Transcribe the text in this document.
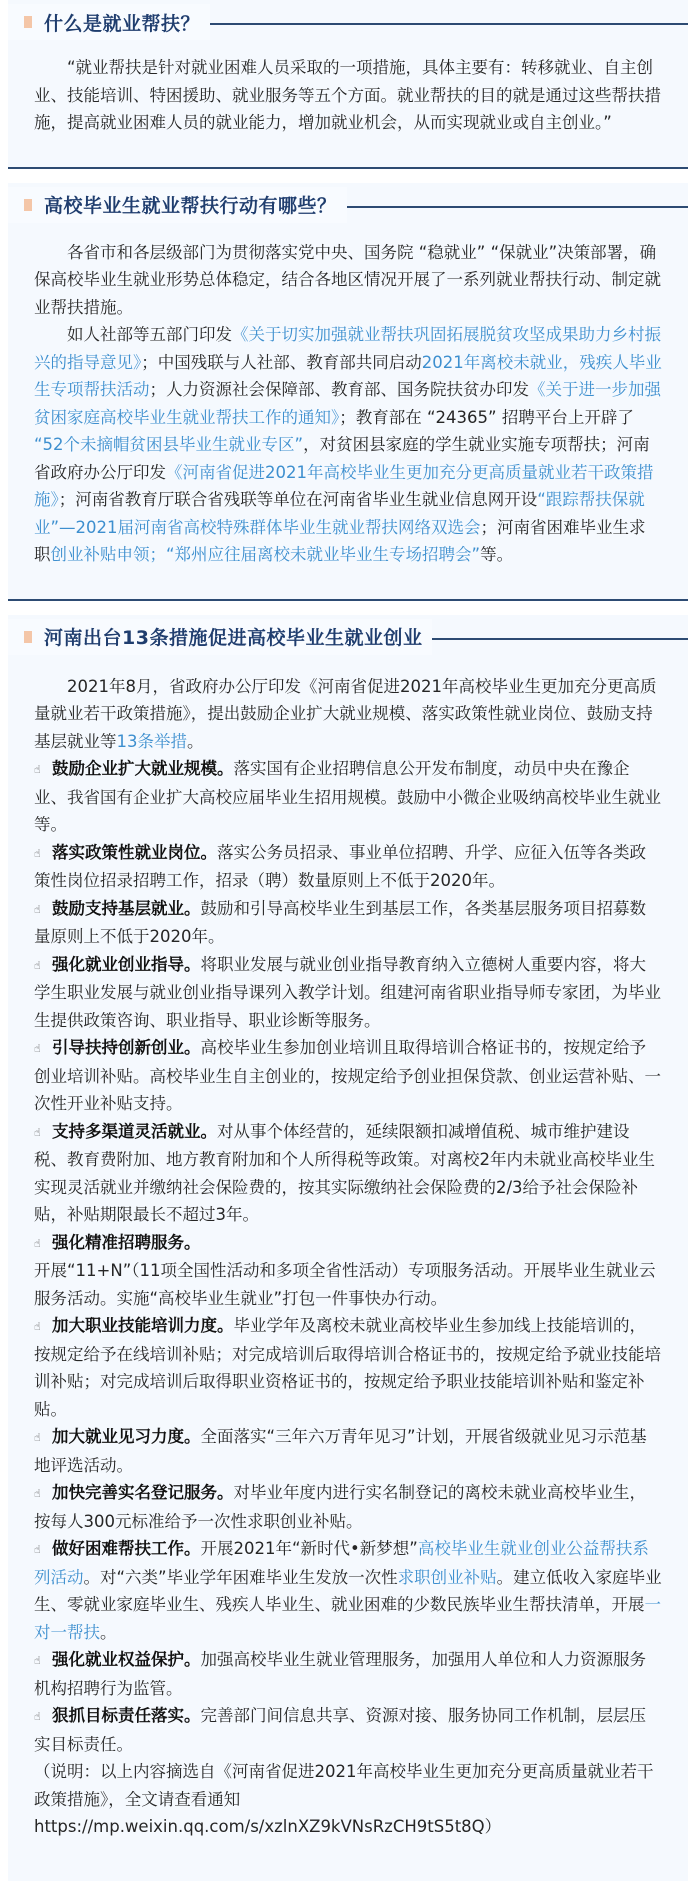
什么是就业帮扶？

“就业帮扶是针对就业困难人员采取的一项措施，具体主要有：转移就业、自主创业、技能培训、特困援助、就业服务等五个方面。就业帮扶的目的就是通过这些帮扶措施，提高就业困难人员的就业能力，增加就业机会，从而实现就业或自主创业。”

高校毕业生就业帮扶行动有哪些？

各省市和各层级部门为贯彻落实党中央、国务院 “稳就业” “保就业”决策部署，确保高校毕业生就业形势总体稳定，结合各地区情况开展了一系列就业帮扶行动、制定就业帮扶措施。

如人社部等五部门印发《关于切实加强就业帮扶巩固拓展脱贫攻坚成果助力乡村振兴的指导意见》；中国残联与人社部、教育部共同启动2021年离校未就业，残疾人毕业生专项帮扶活动；人力资源社会保障部、教育部、国务院扶贫办印发《关于进一步加强贫困家庭高校毕业生就业帮扶工作的通知》；教育部在 “24365” 招聘平台上开辟了 “52个未摘帽贫困县毕业生就业专区”，对贫困县家庭的学生就业实施专项帮扶；河南省政府办公厅印发《河南省促进2021年高校毕业生更加充分更高质量就业若干政策措施》；河南省教育厅联合省残联等单位在河南省毕业生就业信息网开设“跟踪帮扶保就业”—2021届河南省高校特殊群体毕业生就业帮扶网络双选会；河南省困难毕业生求职创业补贴申领；“郑州应往届离校未就业毕业生专场招聘会”等。

河南出台13条措施促进高校毕业生就业创业

2021年8月，省政府办公厅印发《河南省促进2021年高校毕业生更加充分更高质量就业若干政策措施》，提出鼓励企业扩大就业规模、落实政策性就业岗位、鼓励支持基层就业等13条举措。

☝ 鼓励企业扩大就业规模。落实国有企业招聘信息公开发布制度，动员中央在豫企业、我省国有企业扩大高校应届毕业生招用规模。鼓励中小微企业吸纳高校毕业生就业等。

☝ 落实政策性就业岗位。落实公务员招录、事业单位招聘、升学、应征入伍等各类政策性岗位招录招聘工作，招录（聘）数量原则上不低于2020年。

☝ 鼓励支持基层就业。鼓励和引导高校毕业生到基层工作，各类基层服务项目招募数量原则上不低于2020年。

☝ 强化就业创业指导。将职业发展与就业创业指导教育纳入立德树人重要内容，将大学生职业发展与就业创业指导课列入教学计划。组建河南省职业指导师专家团，为毕业生提供政策咨询、职业指导、职业诊断等服务。

☝ 引导扶持创新创业。高校毕业生参加创业培训且取得培训合格证书的，按规定给予创业培训补贴。高校毕业生自主创业的，按规定给予创业担保贷款、创业运营补贴、一次性开业补贴支持。

☝ 支持多渠道灵活就业。对从事个体经营的，延续限额扣减增值税、城市维护建设税、教育费附加、地方教育附加和个人所得税等政策。对离校2年内未就业高校毕业生实现灵活就业并缴纳社会保险费的，按其实际缴纳社会保险费的2/3给予社会保险补贴，补贴期限最长不超过3年。

☝ 强化精准招聘服务。
开展“11+N”（11项全国性活动和多项全省性活动）专项服务活动。开展毕业生就业云服务活动。实施“高校毕业生就业”打包一件事快办行动。

☝ 加大职业技能培训力度。毕业学年及离校未就业高校毕业生参加线上技能培训的，按规定给予在线培训补贴；对完成培训后取得培训合格证书的，按规定给予就业技能培训补贴；对完成培训后取得职业资格证书的，按规定给予职业技能培训补贴和鉴定补贴。

☝ 加大就业见习力度。全面落实“三年六万青年见习”计划，开展省级就业见习示范基地评选活动。

☝ 加快完善实名登记服务。对毕业年度内进行实名制登记的离校未就业高校毕业生，按每人300元标准给予一次性求职创业补贴。

☝ 做好困难帮扶工作。开展2021年“新时代•新梦想”高校毕业生就业创业公益帮扶系列活动。对“六类”毕业学年困难毕业生发放一次性求职创业补贴。建立低收入家庭毕业生、零就业家庭毕业生、残疾人毕业生、就业困难的少数民族毕业生帮扶清单，开展一对一帮扶。

☝ 强化就业权益保护。加强高校毕业生就业管理服务，加强用人单位和人力资源服务机构招聘行为监管。

☝ 狠抓目标责任落实。完善部门间信息共享、资源对接、服务协同工作机制，层层压实目标责任。

（说明：以上内容摘选自《河南省促进2021年高校毕业生更加充分更高质量就业若干政策措施》，全文请查看通知
https://mp.weixin.qq.com/s/xzlnXZ9kVNsRzCH9tS5t8Q）
